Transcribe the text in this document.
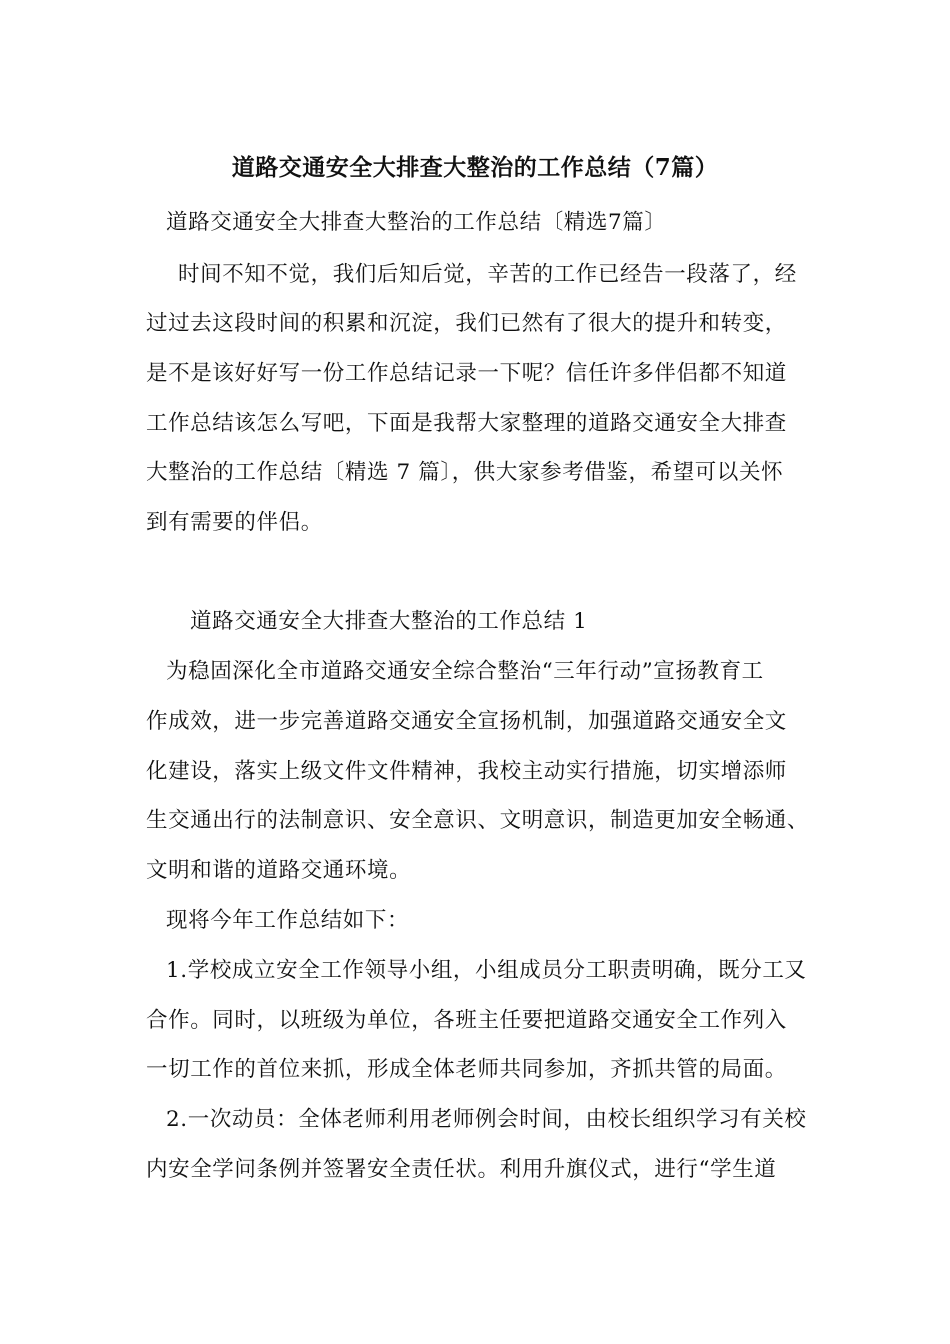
道路交通安全大排查大整治的工作总结（7篇）
道路交通安全大排查大整治的工作总结〔精选7篇〕
时间不知不觉，我们后知后觉，辛苦的工作已经告一段落了，经
过过去这段时间的积累和沉淀，我们已然有了很大的提升和转变，
是不是该好好写一份工作总结记录一下呢？信任许多伴侣都不知道
工作总结该怎么写吧，下面是我帮大家整理的道路交通安全大排查
大整治的工作总结〔精选 7 篇〕，供大家参考借鉴，希望可以关怀
到有需要的伴侣。
道路交通安全大排查大整治的工作总结 1
为稳固深化全市道路交通安全综合整治“三年行动”宣扬教育工
作成效，进一步完善道路交通安全宣扬机制，加强道路交通安全文
化建设，落实上级文件文件精神，我校主动实行措施，切实增添师
生交通出行的法制意识、安全意识、文明意识，制造更加安全畅通、
文明和谐的道路交通环境。
现将今年工作总结如下：
1.学校成立安全工作领导小组，小组成员分工职责明确，既分工又
合作。同时，以班级为单位，各班主任要把道路交通安全工作列入
一切工作的首位来抓，形成全体老师共同参加，齐抓共管的局面。
2.一次动员：全体老师利用老师例会时间，由校长组织学习有关校
内安全学问条例并签署安全责任状。利用升旗仪式，进行“学生道
